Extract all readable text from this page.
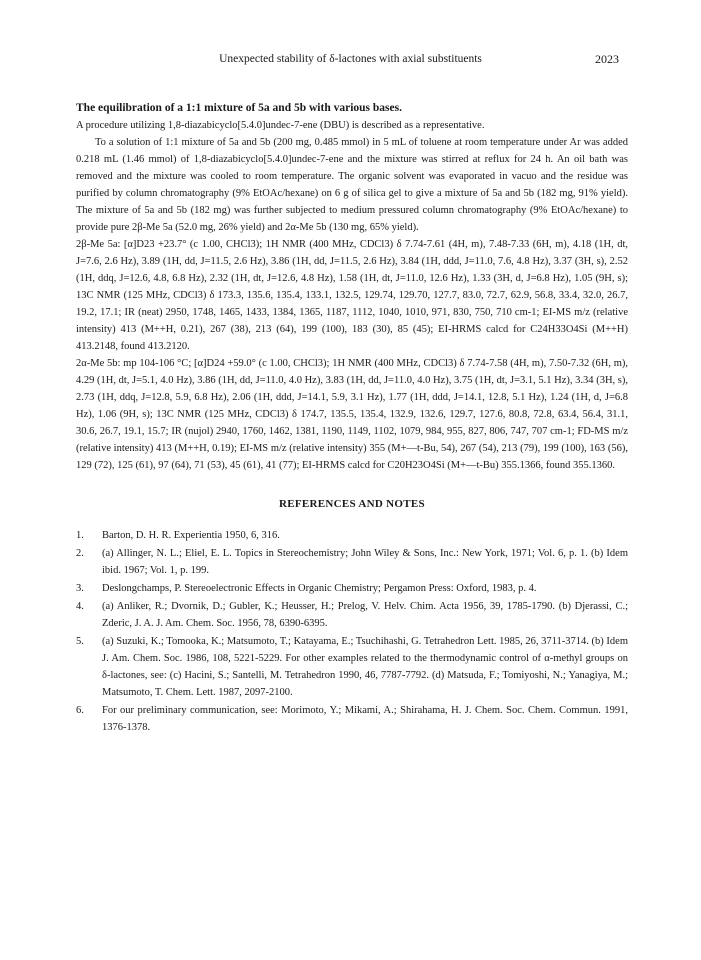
Unexpected stability of δ-lactones with axial substituents	2023

The equilibration of a 1:1 mixture of 5a and 5b with various bases.

A procedure utilizing 1,8-diazabicyclo[5.4.0]undec-7-ene (DBU) is described as a representative.

To a solution of 1:1 mixture of 5a and 5b (200 mg, 0.485 mmol) in 5 mL of toluene at room temperature under Ar was added 0.218 mL (1.46 mmol) of 1,8-diazabicyclo[5.4.0]undec-7-ene and the mixture was stirred at reflux for 24 h. An oil bath was removed and the mixture was cooled to room temperature. The organic solvent was evaporated in vacuo and the residue was purified by column chromatography (9% EtOAc/hexane) on 6 g of silica gel to give a mixture of 5a and 5b (182 mg, 91% yield). The mixture of 5a and 5b (182 mg) was further subjected to medium pressured column chromatography (9% EtOAc/hexane) to provide pure 2β-Me 5a (52.0 mg, 26% yield) and 2α-Me 5b (130 mg, 65% yield).

2β-Me 5a: [α]D23 +23.7° (c 1.00, CHCl3); 1H NMR (400 MHz, CDCl3) δ 7.74-7.61 (4H, m), 7.48-7.33 (6H, m), 4.18 (1H, dt, J=7.6, 2.6 Hz), 3.89 (1H, dd, J=11.5, 2.6 Hz), 3.86 (1H, dd, J=11.5, 2.6 Hz), 3.84 (1H, ddd, J=11.0, 7.6, 4.8 Hz), 3.37 (3H, s), 2.52 (1H, ddq, J=12.6, 4.8, 6.8 Hz), 2.32 (1H, dt, J=12.6, 4.8 Hz), 1.58 (1H, dt, J=11.0, 12.6 Hz), 1.33 (3H, d, J=6.8 Hz), 1.05 (9H, s); 13C NMR (125 MHz, CDCl3) δ 173.3, 135.6, 135.4, 133.1, 132.5, 129.74, 129.70, 127.7, 83.0, 72.7, 62.9, 56.8, 33.4, 32.0, 26.7, 19.2, 17.1; IR (neat) 2950, 1748, 1465, 1433, 1384, 1365, 1187, 1112, 1040, 1010, 971, 830, 750, 710 cm-1; EI-MS m/z (relative intensity) 413 (M++H, 0.21), 267 (38), 213 (64), 199 (100), 183 (30), 85 (45); EI-HRMS calcd for C24H33O4Si (M++H) 413.2148, found 413.2120.

2α-Me 5b: mp 104-106 °C; [α]D24 +59.0° (c 1.00, CHCl3); 1H NMR (400 MHz, CDCl3) δ 7.74-7.58 (4H, m), 7.50-7.32 (6H, m), 4.29 (1H, dt, J=5.1, 4.0 Hz), 3.86 (1H, dd, J=11.0, 4.0 Hz), 3.83 (1H, dd, J=11.0, 4.0 Hz), 3.75 (1H, dt, J=3.1, 5.1 Hz), 3.34 (3H, s), 2.73 (1H, ddq, J=12.8, 5.9, 6.8 Hz), 2.06 (1H, ddd, J=14.1, 5.9, 3.1 Hz), 1.77 (1H, ddd, J=14.1, 12.8, 5.1 Hz), 1.24 (1H, d, J=6.8 Hz), 1.06 (9H, s); 13C NMR (125 MHz, CDCl3) δ 174.7, 135.5, 135.4, 132.9, 132.6, 129.7, 127.6, 80.8, 72.8, 63.4, 56.4, 31.1, 30.6, 26.7, 19.1, 15.7; IR (nujol) 2940, 1760, 1462, 1381, 1190, 1149, 1102, 1079, 984, 955, 827, 806, 747, 707 cm-1; FD-MS m/z (relative intensity) 413 (M++H, 0.19); EI-MS m/z (relative intensity) 355 (M+—t-Bu, 54), 267 (54), 213 (79), 199 (100), 163 (56), 129 (72), 125 (61), 97 (64), 71 (53), 45 (61), 41 (77); EI-HRMS calcd for C20H23O4Si (M+—t-Bu) 355.1366, found 355.1360.

REFERENCES AND NOTES
1.	Barton, D. H. R. Experientia 1950, 6, 316.
2.	(a) Allinger, N. L.; Eliel, E. L. Topics in Stereochemistry; John Wiley & Sons, Inc.: New York, 1971; Vol. 6, p. 1. (b) Idem ibid. 1967; Vol. 1, p. 199.
3.	Deslongchamps, P. Stereoelectronic Effects in Organic Chemistry; Pergamon Press: Oxford, 1983, p. 4.
4.	(a) Anliker, R.; Dvornik, D.; Gubler, K.; Heusser, H.; Prelog, V. Helv. Chim. Acta 1956, 39, 1785-1790. (b) Djerassi, C.; Zderic, J. A. J. Am. Chem. Soc. 1956, 78, 6390-6395.
5.	(a) Suzuki, K.; Tomooka, K.; Matsumoto, T.; Katayama, E.; Tsuchihashi, G. Tetrahedron Lett. 1985, 26, 3711-3714. (b) Idem J. Am. Chem. Soc. 1986, 108, 5221-5229. For other examples related to the thermodynamic control of α-methyl groups on δ-lactones, see: (c) Hacini, S.; Santelli, M. Tetrahedron 1990, 46, 7787-7792. (d) Matsuda, F.; Tomiyoshi, N.; Yanagiya, M.; Matsumoto, T. Chem. Lett. 1987, 2097-2100.
6.	For our preliminary communication, see: Morimoto, Y.; Mikami, A.; Shirahama, H. J. Chem. Soc. Chem. Commun. 1991, 1376-1378.
